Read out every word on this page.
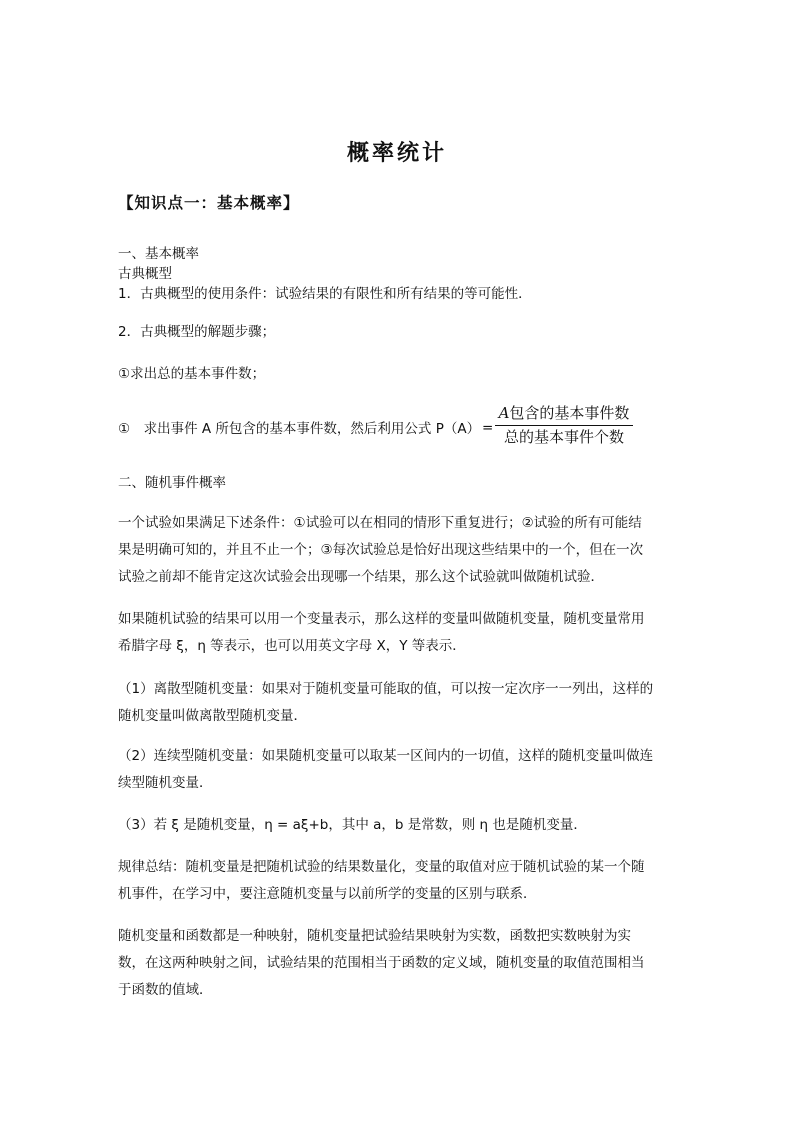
概率统计
【知识点一：基本概率】
一、基本概率
古典概型
1．古典概型的使用条件：试验结果的有限性和所有结果的等可能性．
2．古典概型的解题步骤；
①求出总的基本事件数；
①　求出事件 A 所包含的基本事件数，然后利用公式 P（A） =
A包含的基本事件数
总的基本事件个数
二、随机事件概率
一个试验如果满足下述条件：①试验可以在相同的情形下重复进行；②试验的所有可能结
果是明确可知的，并且不止一个；③每次试验总是恰好出现这些结果中的一个，但在一次
试验之前却不能肯定这次试验会出现哪一个结果，那么这个试验就叫做随机试验．
如果随机试验的结果可以用一个变量表示，那么这样的变量叫做随机变量，随机变量常用
希腊字母 ξ，η 等表示，也可以用英文字母 X，Y 等表示．
（1）离散型随机变量：如果对于随机变量可能取的值，可以按一定次序一一列出，这样的
随机变量叫做离散型随机变量．
（2）连续型随机变量：如果随机变量可以取某一区间内的一切值，这样的随机变量叫做连
续型随机变量．
（3）若 ξ 是随机变量，η = aξ+b，其中 a，b 是常数，则 η 也是随机变量．
规律总结：随机变量是把随机试验的结果数量化，变量的取值对应于随机试验的某一个随
机事件，在学习中，要注意随机变量与以前所学的变量的区别与联系．
随机变量和函数都是一种映射，随机变量把试验结果映射为实数，函数把实数映射为实
数，在这两种映射之间，试验结果的范围相当于函数的定义域，随机变量的取值范围相当
于函数的值域．
